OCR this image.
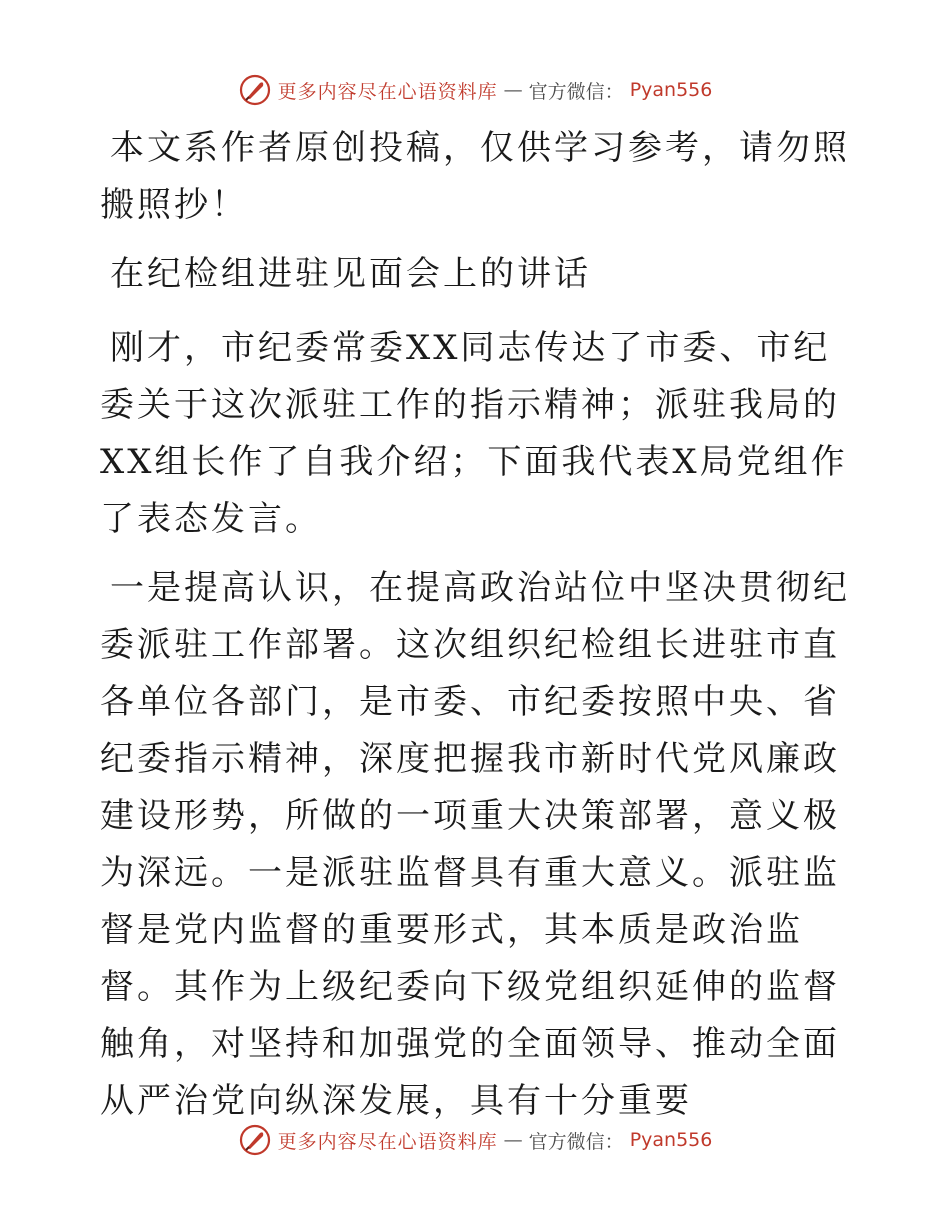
更多内容尽在心语资料库 — 官方微信： Pyan556

本文系作者原创投稿，仅供学习参考，请勿照搬照抄！

在纪检组进驻见面会上的讲话

刚才，市纪委常委XX同志传达了市委、市纪委关于这次派驻工作的指示精神；派驻我局的XX组长作了自我介绍；下面我代表X局党组作了表态发言。

一是提高认识，在提高政治站位中坚决贯彻纪委派驻工作部署。这次组织纪检组长进驻市直各单位各部门，是市委、市纪委按照中央、省纪委指示精神，深度把握我市新时代党风廉政建设形势，所做的一项重大决策部署，意义极为深远。一是派驻监督具有重大意义。派驻监督是党内监督的重要形式，其本质是政治监督。其作为上级纪委向下级党组织延伸的监督触角，对坚持和加强党的全面领导、推动全面从严治党向纵深发展，具有十分重要

更多内容尽在心语资料库 — 官方微信： Pyan556
